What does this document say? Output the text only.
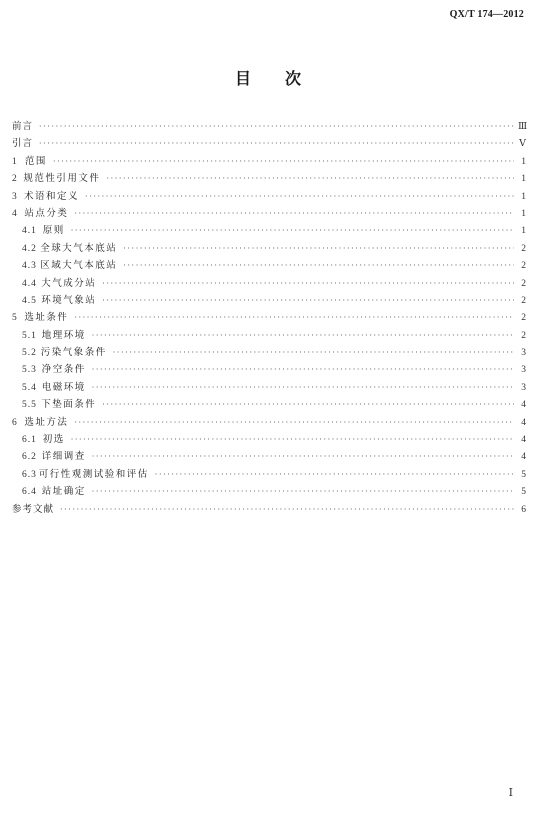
QX/T 174—2012
目 次
前言 ·····	Ⅲ
引言 ·····	Ⅴ
1 范围 ·····	1
2 规范性引用文件 ·····	1
3 术语和定义 ·····	1
4 站点分类 ·····	1
4.1 原则 ·····	1
4.2 全球大气本底站 ·····	2
4.3 区域大气本底站 ·····	2
4.4 大气成分站 ·····	2
4.5 环境气象站 ·····	2
5 选址条件 ·····	2
5.1 地理环境 ·····	2
5.2 污染气象条件 ·····	3
5.3 净空条件 ·····	3
5.4 电磁环境 ·····	3
5.5 下垫面条件 ·····	4
6 选址方法 ·····	4
6.1 初选 ·····	4
6.2 详细调查 ·····	4
6.3 可行性观测试验和评估 ·····	5
6.4 站址确定 ·····	5
参考文献 ·····	6
Ⅰ
